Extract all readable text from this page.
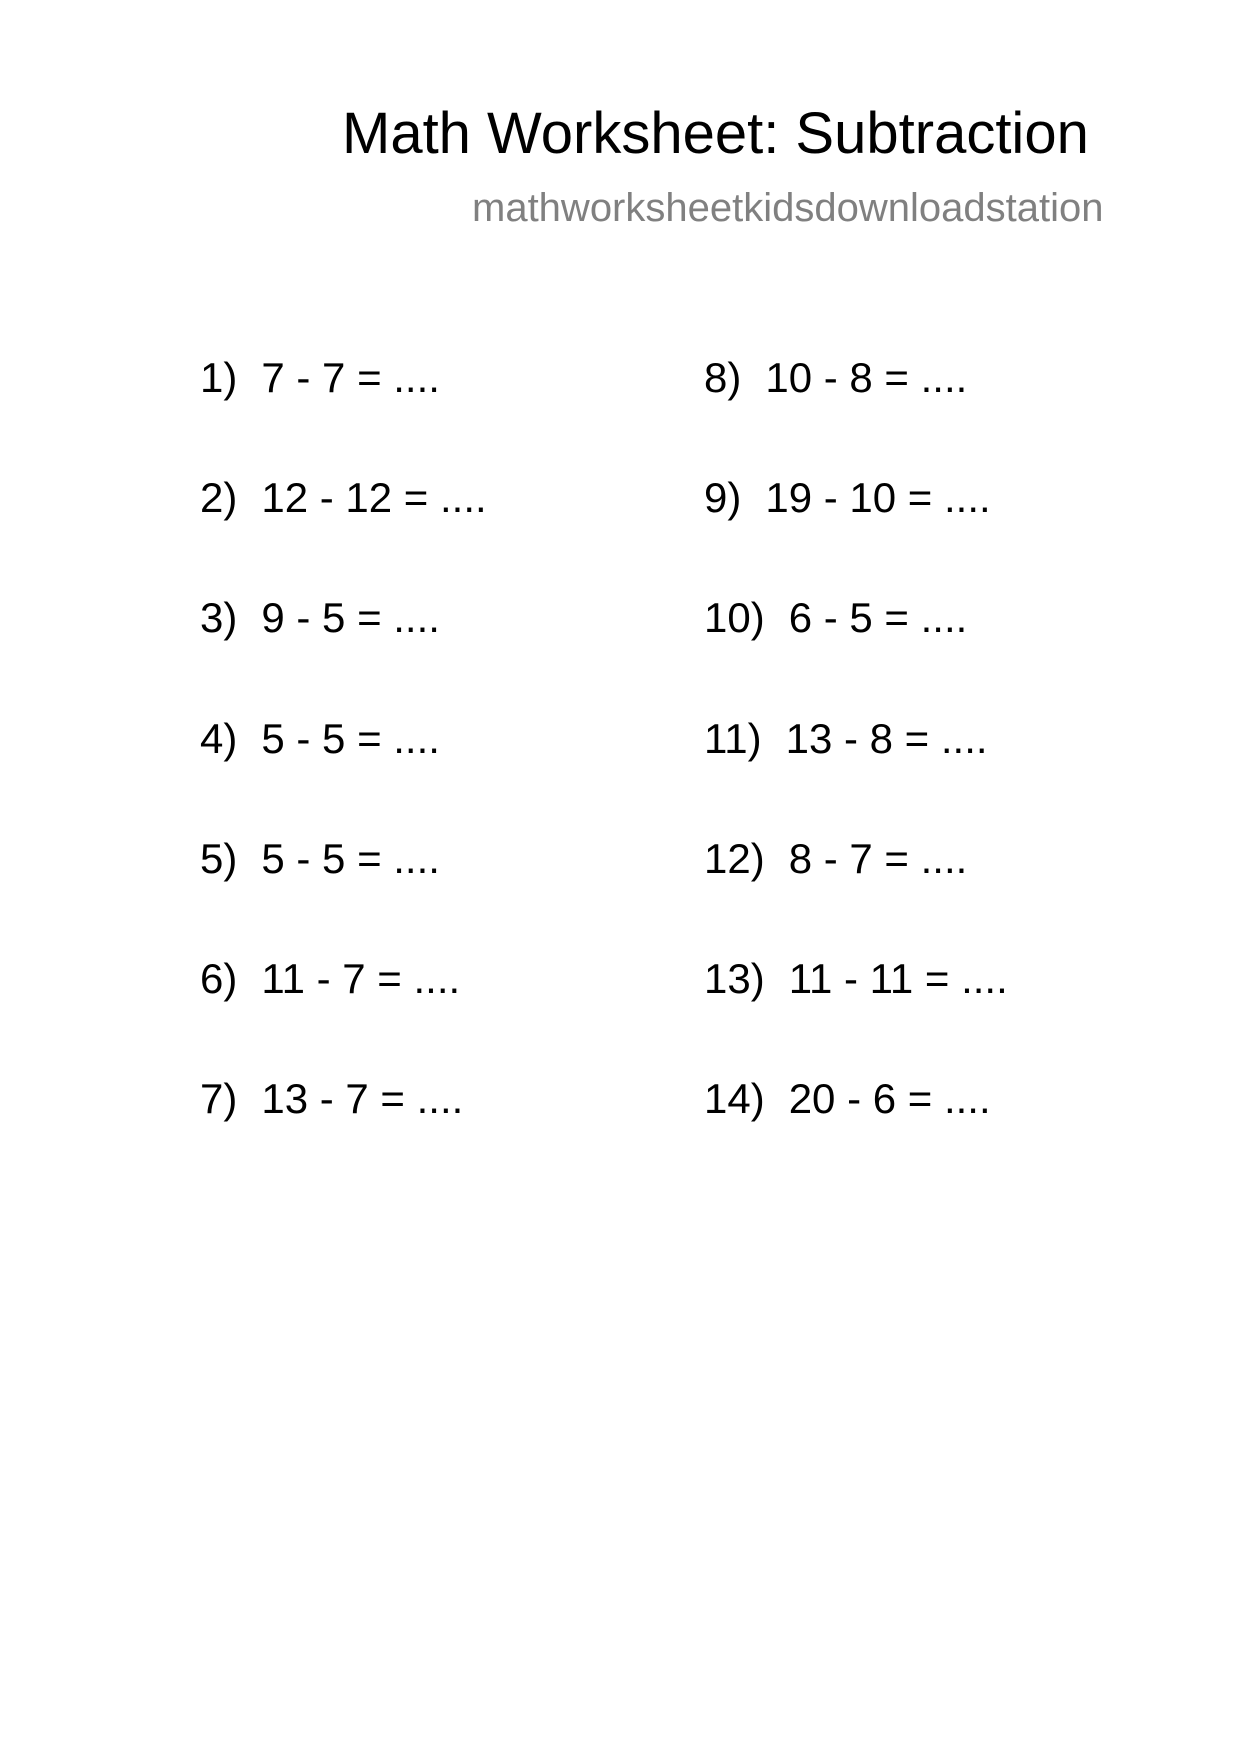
Math Worksheet: Subtraction
mathworksheetkidsdownloadstation
1) 7 - 7 = ....
2) 12 - 12 = ....
3) 9 - 5 = ....
4) 5 - 5 = ....
5) 5 - 5 = ....
6) 11 - 7 = ....
7) 13 - 7 = ....
8) 10 - 8 = ....
9) 19 - 10 = ....
10) 6 - 5 = ....
11) 13 - 8 = ....
12) 8 - 7 = ....
13) 11 - 11 = ....
14) 20 - 6 = ....
